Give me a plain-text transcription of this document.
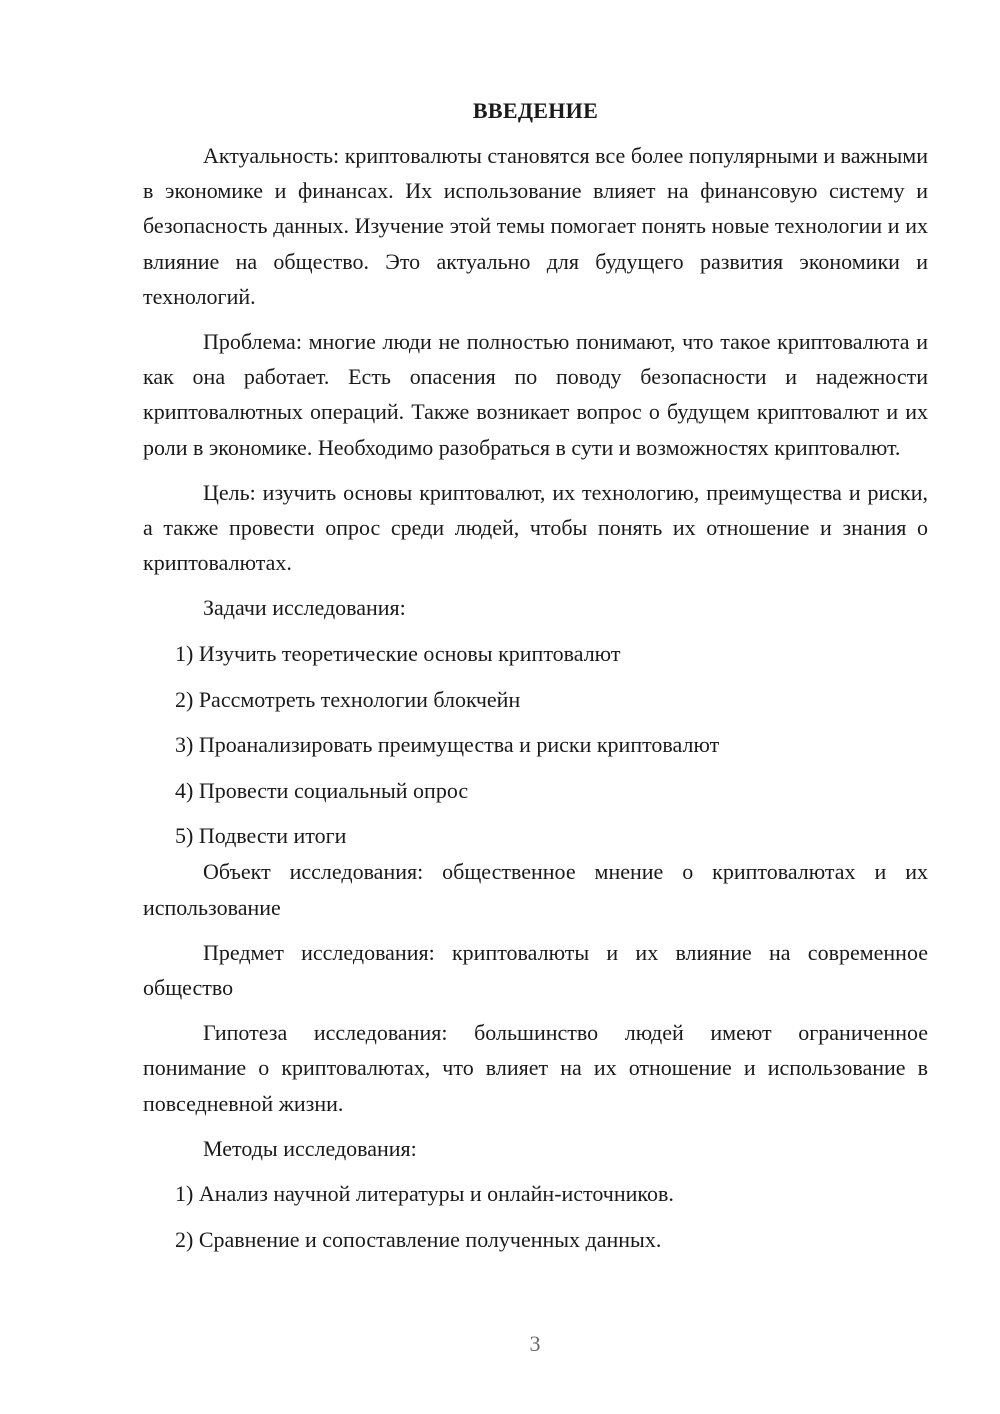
ВВЕДЕНИЕ

Актуальность: криптовалюты становятся все более популярными и важными в экономике и финансах. Их использование влияет на финансовую систему и безопасность данных. Изучение этой темы помогает понять новые технологии и их влияние на общество. Это актуально для будущего развития экономики и технологий.

Проблема: многие люди не полностью понимают, что такое криптовалюта и как она работает. Есть опасения по поводу безопасности и надежности криптовалютных операций. Также возникает вопрос о будущем криптовалют и их роли в экономике. Необходимо разобраться в сути и возможностях криптовалют.

Цель: изучить основы криптовалют, их технологию, преимущества и риски, а также провести опрос среди людей, чтобы понять их отношение и знания о криптовалютах.

Задачи исследования:
1) Изучить теоретические основы криптовалют
2) Рассмотреть технологии блокчейн
3) Проанализировать преимущества и риски криптовалют
4) Провести социальный опрос
5) Подвести итоги

Объект исследования: общественное мнение о криптовалютах и их использование

Предмет исследования: криптовалюты и их влияние на современное общество

Гипотеза исследования: большинство людей имеют ограниченное понимание о криптовалютах, что влияет на их отношение и использование в повседневной жизни.

Методы исследования:
1) Анализ научной литературы и онлайн-источников.
2) Сравнение и сопоставление полученных данных.
3
